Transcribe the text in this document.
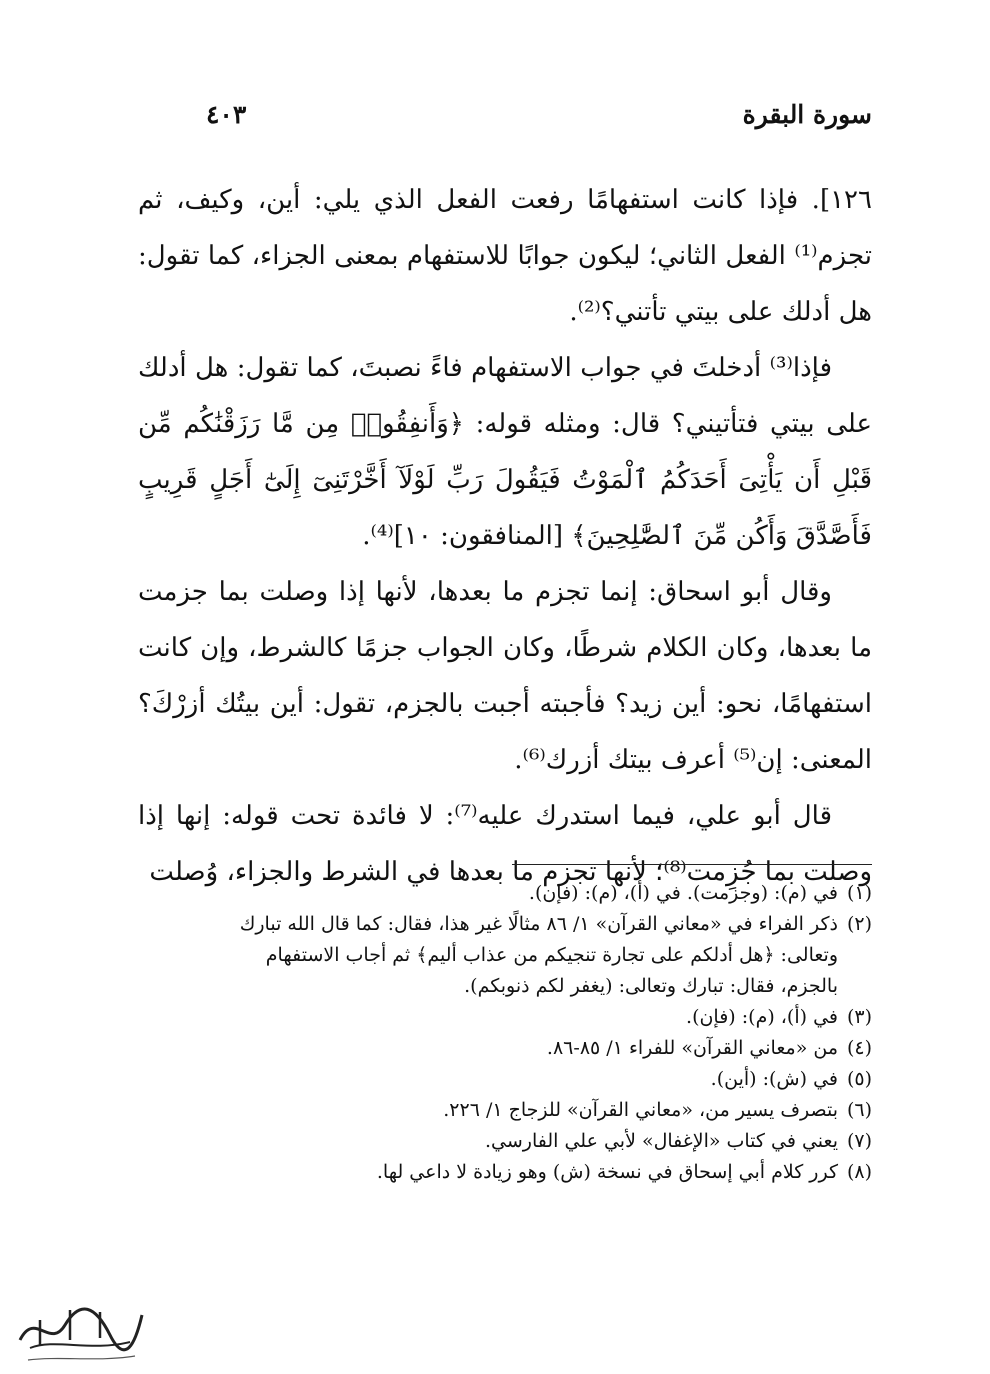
سورة البقرة
٤٠٣

١٢٦]. فإذا كانت استفهامًا رفعت الفعل الذي يلي: أين، وكيف، ثم تجزم⁽¹⁾ الفعل الثاني؛ ليكون جوابًا للاستفهام بمعنى الجزاء، كما تقول: هل أدلك على بيتي تأتني؟⁽²⁾.

فإذا⁽³⁾ أدخلتَ في جواب الاستفهام فاءً نصبتَ، كما تقول: هل أدلك على بيتي فتأتيني؟ قال: ومثله قوله: ﴿وَأَنفِقُوا۟ مِن مَّا رَزَقْنَٰكُم مِّن قَبْلِ أَن يَأْتِىَ أَحَدَكُمُ ٱلْمَوْتُ فَيَقُولَ رَبِّ لَوْلَآ أَخَّرْتَنِىٓ إِلَىٰٓ أَجَلٍ قَرِيبٍ فَأَصَّدَّقَ وَأَكُن مِّنَ ٱلصَّٰلِحِينَ﴾ [المنافقون: ١٠]⁽⁴⁾.

وقال أبو اسحاق: إنما تجزم ما بعدها، لأنها إذا وصلت بما جزمت ما بعدها، وكان الكلام شرطًا، وكان الجواب جزمًا كالشرط، وإن كانت استفهامًا، نحو: أين زيد؟ فأجبته أجبت بالجزم، تقول: أين بيتُك أزرْكَ؟ المعنى: إن⁽⁵⁾ أعرف بيتك أزرك⁽⁶⁾.

قال أبو علي، فيما استدرك عليه⁽⁷⁾: لا فائدة تحت قوله: إنها إذا وصلت بما جُزِمت⁽⁸⁾؛ لأنها تجزم ما بعدها في الشرط والجزاء، وُصلت

(١)في (م): (وجزمت). في (أ)، (م): (فإن).

(٢)ذكر الفراء في «معاني القرآن» ١/ ٨٦ مثالًا غير هذا، فقال: كما قال الله تبارك

وتعالى: ﴿هل أدلكم على تجارة تنجيكم من عذاب أليم﴾ ثم أجاب الاستفهام

بالجزم، فقال: تبارك وتعالى: (يغفر لكم ذنوبكم).

(٣)في (أ)، (م): (فإن).

(٤)من «معاني القرآن» للفراء ١/ ٨٥-٨٦.

(٥)في (ش): (أين).

(٦)بتصرف يسير من، «معاني القرآن» للزجاج ١/ ٢٢٦.

(٧)يعني في كتاب «الإغفال» لأبي علي الفارسي.

(٨)كرر كلام أبي إسحاق في نسخة (ش) وهو زيادة لا داعي لها.
